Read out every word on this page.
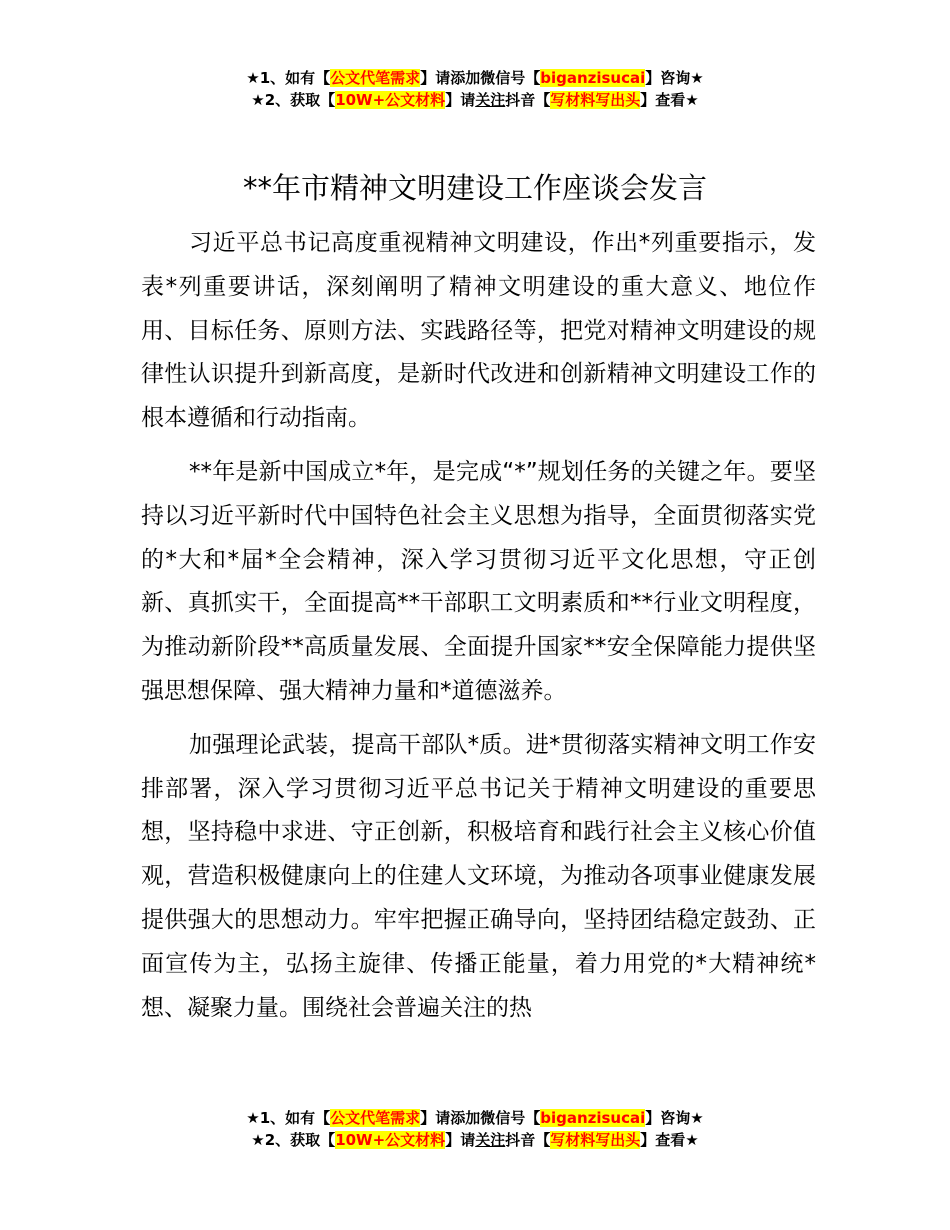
★1、如有【公文代笔需求】请添加微信号【biganzisucai】咨询★
★2、获取【10W+公文材料】请关注抖音【写材料写出头】查看★
**年市精神文明建设工作座谈会发言

习近平总书记高度重视精神文明建设，作出*列重要指示，发表*列重要讲话，深刻阐明了精神文明建设的重大意义、地位作用、目标任务、原则方法、实践路径等，把党对精神文明建设的规律性认识提升到新高度，是新时代改进和创新精神文明建设工作的根本遵循和行动指南。

**年是新中国成立*年，是完成“*”规划任务的关键之年。要坚持以习近平新时代中国特色社会主义思想为指导，全面贯彻落实党的*大和*届*全会精神，深入学习贯彻习近平文化思想，守正创新、真抓实干，全面提高**干部职工文明素质和**行业文明程度，为推动新阶段**高质量发展、全面提升国家**安全保障能力提供坚强思想保障、强大精神力量和*道德滋养。

加强理论武装，提高干部队*质。进*贯彻落实精神文明工作安排部署，深入学习贯彻习近平总书记关于精神文明建设的重要思想，坚持稳中求进、守正创新，积极培育和践行社会主义核心价值观，营造积极健康向上的住建人文环境，为推动各项事业健康发展提供强大的思想动力。牢牢把握正确导向，坚持团结稳定鼓劲、正面宣传为主，弘扬主旋律、传播正能量，着力用党的*大精神统*想、凝聚力量。围绕社会普遍关注的热

★1、如有【公文代笔需求】请添加微信号【biganzisucai】咨询★
★2、获取【10W+公文材料】请关注抖音【写材料写出头】查看★
